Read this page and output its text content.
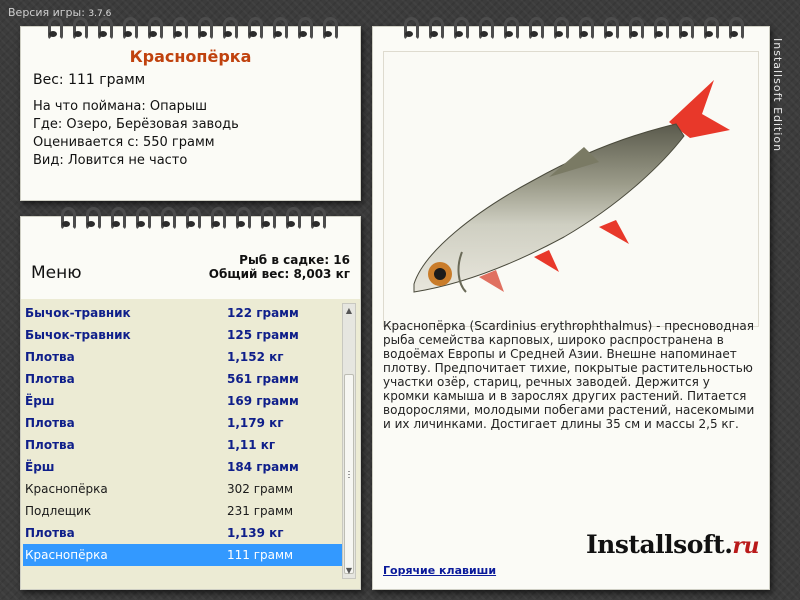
Версия игры: 3.7.6
Краснопёрка
Вес: 111 грамм
На что поймана: Опарыш
Где: Озеро, Берёзовая заводь
Оценивается с: 550 грамм
Вид: Ловится не часто
Меню
Рыб в садке: 16
Общий вес: 8,003 кг
Бычок-травник	122 грамм
Бычок-травник	125 грамм
Плотва	1,152 кг
Плотва	561 грамм
Ёрш	169 грамм
Плотва	1,179 кг
Плотва	1,11 кг
Ёрш	184 грамм
Краснопёрка	302 грамм
Подлещик	231 грамм
Плотва	1,139 кг
Краснопёрка	111 грамм
▲
▼
Краснопёрка (Scardinius erythrophthalmus) - пресноводная рыба семейства карповых, широко распространена в водоёмах Европы и Средней Азии. Внешне напоминает плотву. Предпочитает тихие, покрытые растительностью участки озёр, стариц, речных заводей. Держится у кромки камыша и в зарослях других растений. Питается водорослями, молодыми побегами растений, насекомыми и их личинками. Достигает длины 35 см и массы 2,5 кг.
Installsoft.ru
Горячие клавиши
Installsoft Edition
